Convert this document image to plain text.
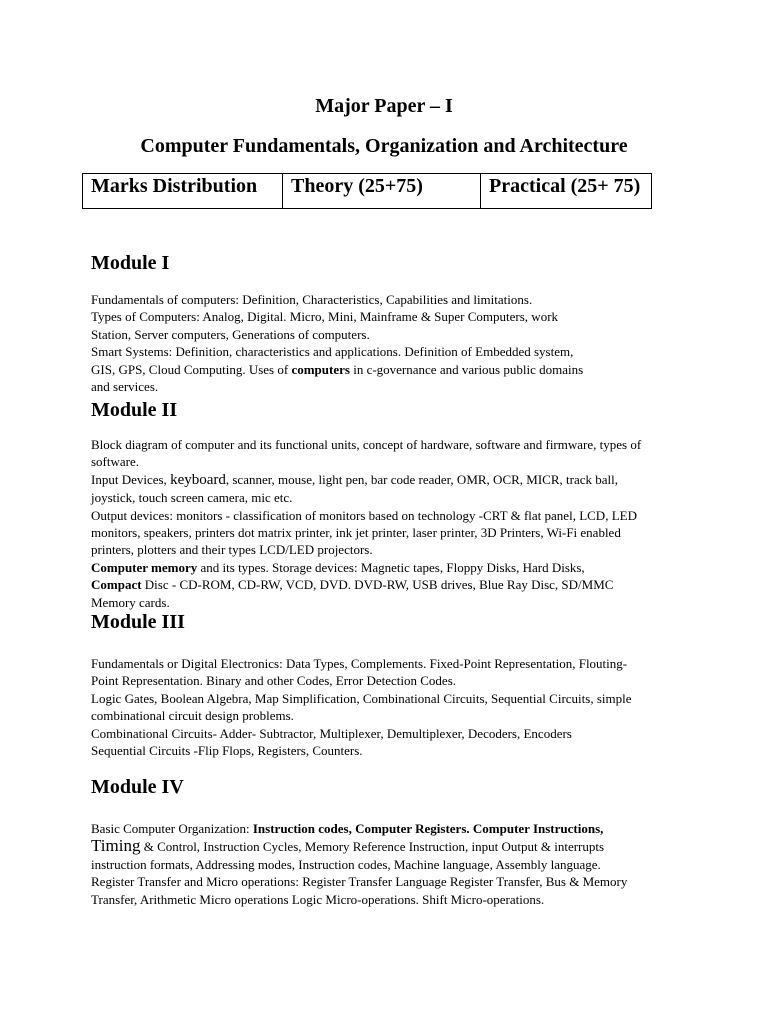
Major Paper – I
Computer Fundamentals, Organization and Architecture
Marks Distribution	Theory (25+75)	Practical (25+ 75)
Module I
Fundamentals of computers: Definition, Characteristics, Capabilities and limitations.
Types of Computers: Analog, Digital. Micro, Mini, Mainframe & Super Computers, work
Station, Server computers, Generations of computers.
Smart Systems: Definition, characteristics and applications. Definition of Embedded system,
GIS, GPS, Cloud Computing. Uses of computers in c-governance and various public domains
and services.
Module II
Block diagram of computer and its functional units, concept of hardware, software and firmware, types of
software.
Input Devices, keyboard, scanner, mouse, light pen, bar code reader, OMR, OCR, MICR, track ball,
joystick, touch screen camera, mic etc.
Output devices: monitors - classification of monitors based on technology -CRT & flat panel, LCD, LED
monitors, speakers, printers dot matrix printer, ink jet printer, laser printer, 3D Printers, Wi-Fi enabled
printers, plotters and their types LCD/LED projectors.
Computer memory and its types. Storage devices: Magnetic tapes, Floppy Disks, Hard Disks,
Compact Disc - CD-ROM, CD-RW, VCD, DVD. DVD-RW, USB drives, Blue Ray Disc, SD/MMC
Memory cards.
Module III
Fundamentals or Digital Electronics: Data Types, Complements. Fixed-Point Representation, Flouting-
Point Representation. Binary and other Codes, Error Detection Codes.
Logic Gates, Boolean Algebra, Map Simplification, Combinational Circuits, Sequential Circuits, simple
combinational circuit design problems.
Combinational Circuits- Adder- Subtractor, Multiplexer, Demultiplexer, Decoders, Encoders
Sequential Circuits -Flip Flops, Registers, Counters.
Module IV
Basic Computer Organization: Instruction codes, Computer Registers. Computer Instructions,
Timing & Control, Instruction Cycles, Memory Reference Instruction, input Output & interrupts
instruction formats, Addressing modes, Instruction codes, Machine language, Assembly language.
Register Transfer and Micro operations: Register Transfer Language Register Transfer, Bus & Memory
Transfer, Arithmetic Micro operations Logic Micro-operations. Shift Micro-operations.
